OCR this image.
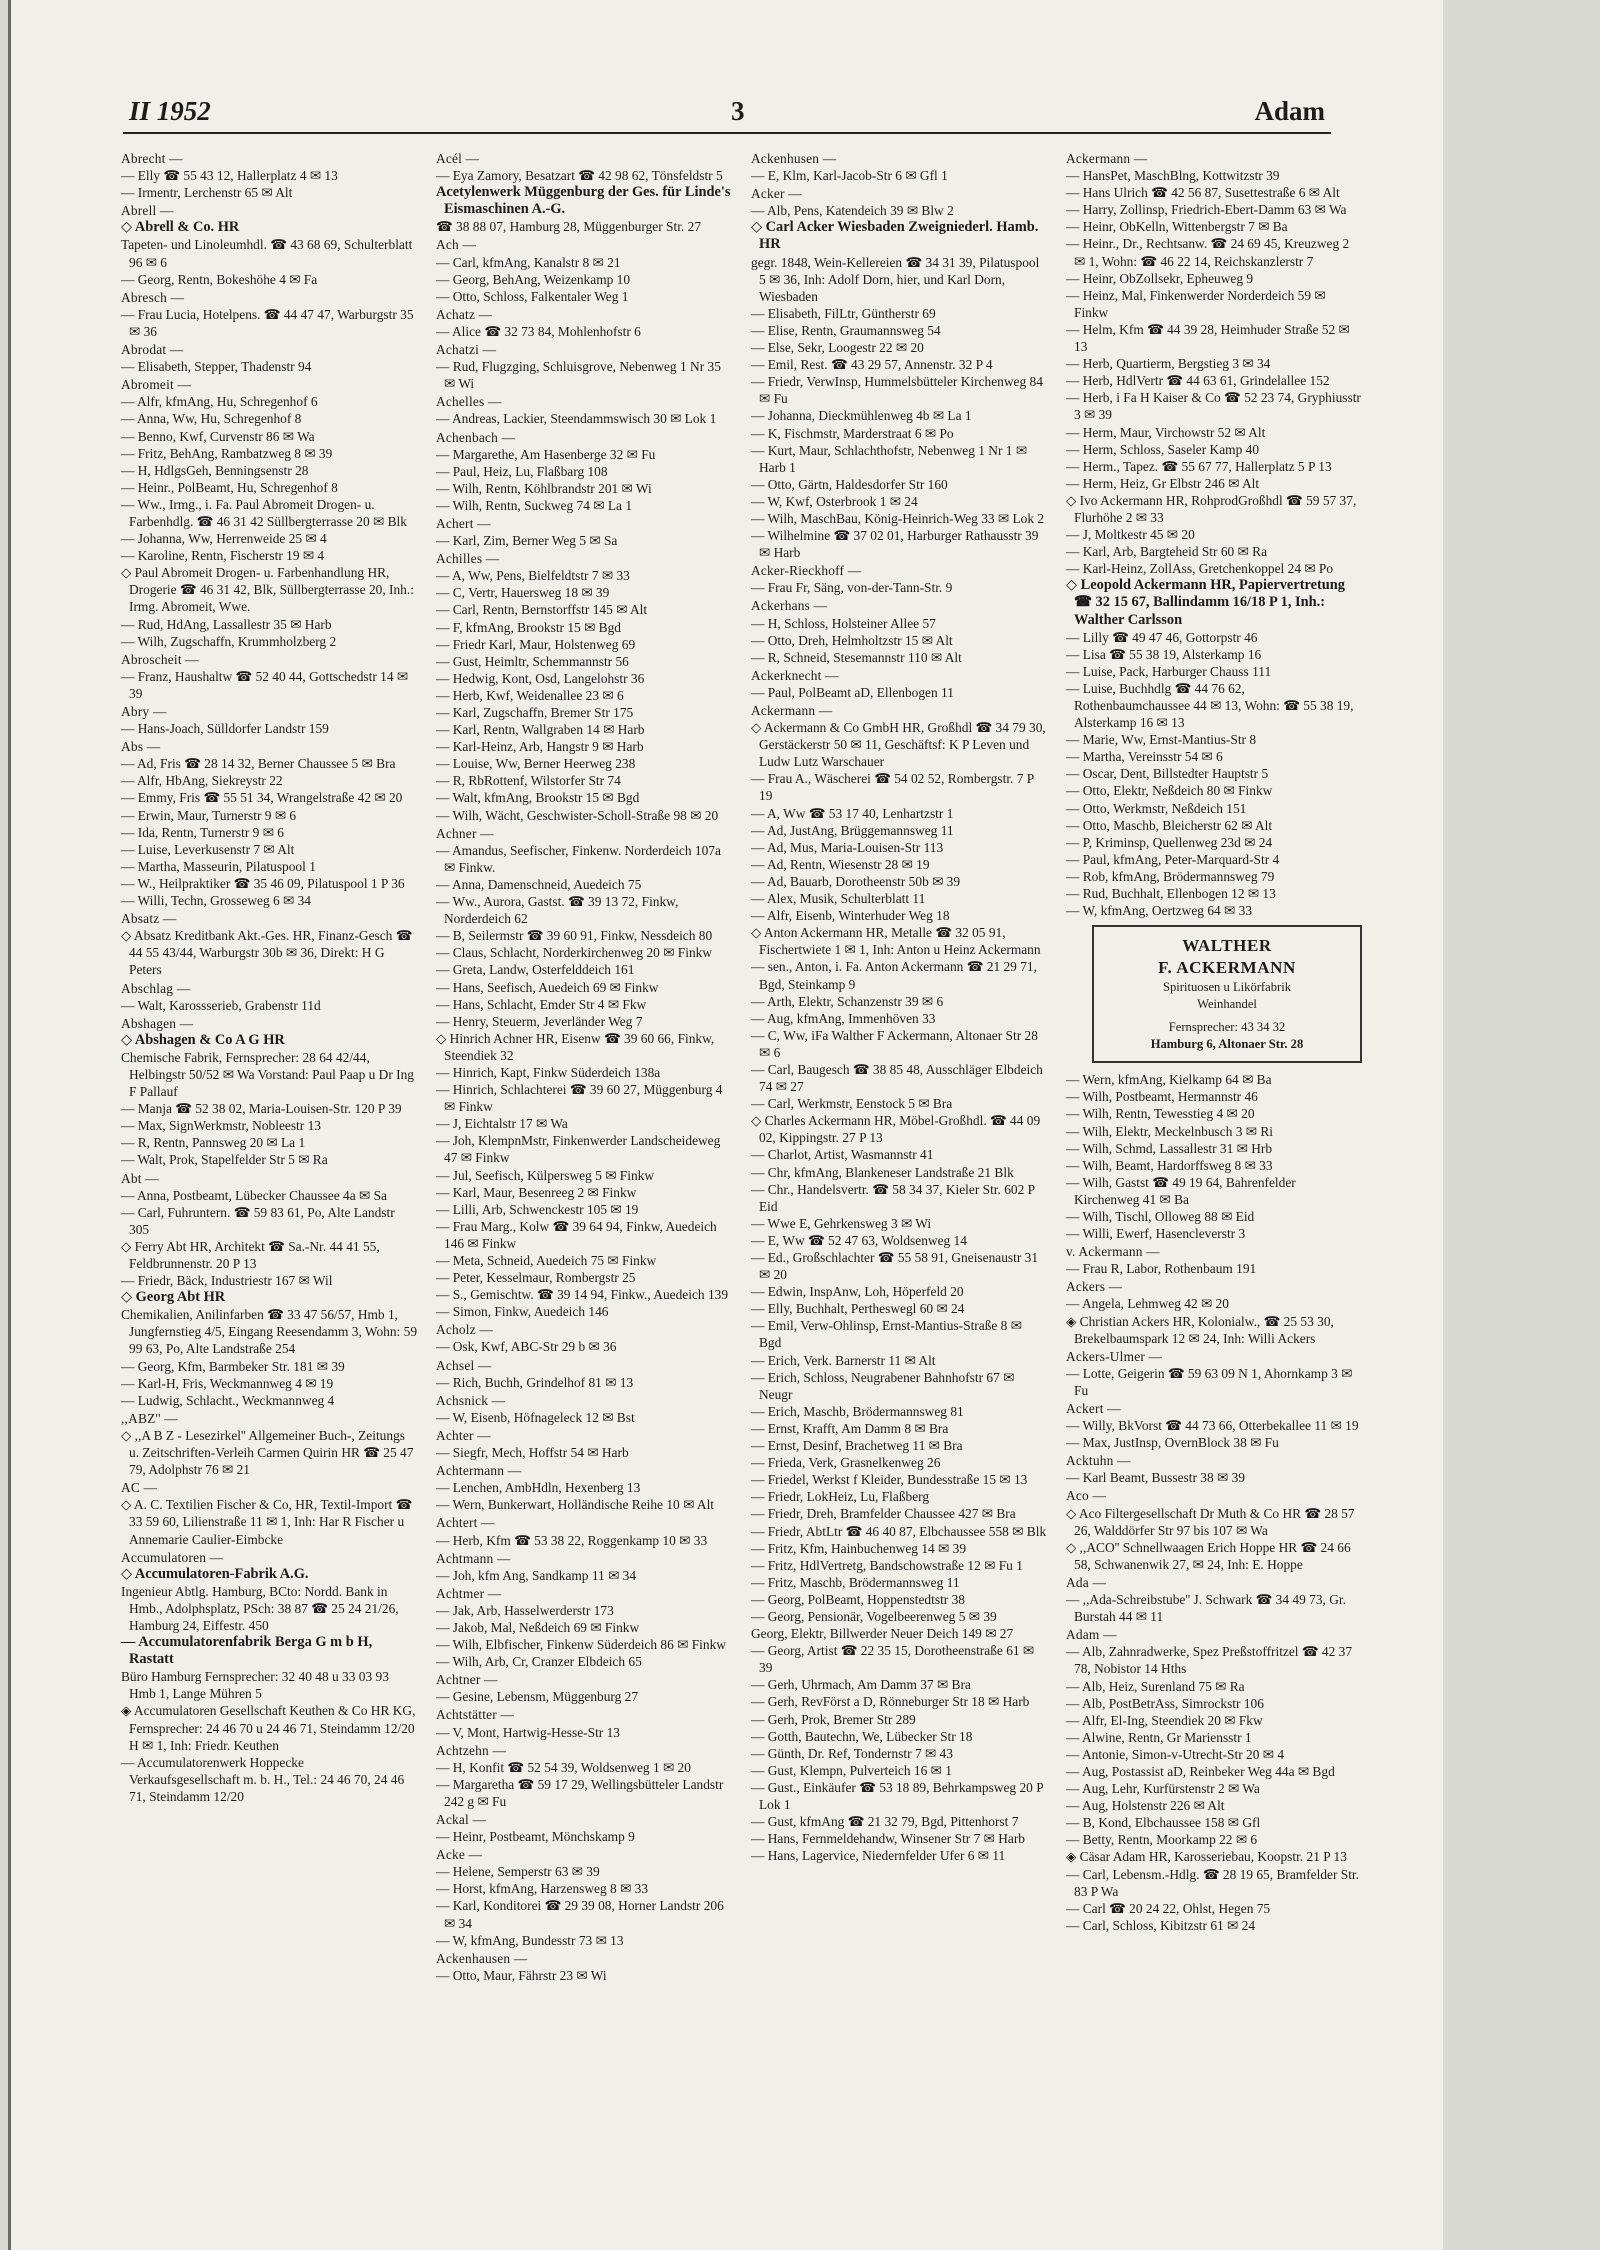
II 1952	3	Adam
Abrecht —
— Elly ☎ 55 43 12, Hallerplatz 4 ✉ 13
— Irmentr, Lerchenstr 65 ✉ Alt
Abrell —
◇ Abrell & Co. HR
Tapeten- und Linoleumhdl. ☎ 43 68 69, Schulterblatt 96 ✉ 6
— Georg, Rentn, Bokeshöhe 4 ✉ Fa
Abresch —
— Frau Lucia, Hotelpens. ☎ 44 47 47, Warburgstr 35 ✉ 36
Abrodat —
— Elisabeth, Stepper, Thadenstr 94
Abromeit —
— Alfr, kfmAng, Hu, Schregenhof 6
— Anna, Ww, Hu, Schregenhof 8
— Benno, Kwf, Curvenstr 86 ✉ Wa
— Fritz, BehAng, Rambatzweg 8 ✉ 39
— H, HdlgsGeh, Benningsenstr 28
— Heinr., PolBeamt, Hu, Schregenhof 8
— Ww., Irmg., i. Fa. Paul Abromeit Drogen- u. Farbenhdlg. ☎ 46 31 42 Süllbergterrasse 20 ✉ Blk
— Johanna, Ww, Herrenweide 25 ✉ 4
— Karoline, Rentn, Fischerstr 19 ✉ 4
◇ Paul Abromeit Drogen- u. Farbenhandlung HR, Drogerie ☎ 46 31 42, Blk, Süllbergterrasse 20, Inh.: Irmg. Abromeit, Wwe.
— Rud, HdAng, Lassallestr 35 ✉ Harb
— Wilh, Zugschaffn, Krummholzberg 2
Abroscheit —
— Franz, Haushaltw ☎ 52 40 44, Gottschedstr 14 ✉ 39
Abry —
— Hans-Joach, Sülldorfer Landstr 159
Abs —
— Ad, Fris ☎ 28 14 32, Berner Chaussee 5 ✉ Bra
— Alfr, HbAng, Siekreystr 22
— Emmy, Fris ☎ 55 51 34, Wrangelstraße 42 ✉ 20
— Erwin, Maur, Turnerstr 9 ✉ 6
— Ida, Rentn, Turnerstr 9 ✉ 6
— Luise, Leverkusenstr 7 ✉ Alt
— Martha, Masseurin, Pilatuspool 1
— W., Heilpraktiker ☎ 35 46 09, Pilatuspool 1 P 36
— Willi, Techn, Grosseweg 6 ✉ 34
Absatz —
◇ Absatz Kreditbank Akt.-Ges. HR, Finanz-Gesch ☎ 44 55 43/44, Warburgstr 30b ✉ 36, Direkt: H G Peters
Abschlag —
— Walt, Karossserieb, Grabenstr 11d
Abshagen —
◇ Abshagen & Co A G HR
Chemische Fabrik, Fernsprecher: 28 64 42/44, Helbingstr 50/52 ✉ Wa Vorstand: Paul Paap u Dr Ing F Pallauf
— Manja ☎ 52 38 02, Maria-Louisen-Str. 120 P 39
— Max, SignWerkmstr, Nobleestr 13
— R, Rentn, Pannsweg 20 ✉ La 1
— Walt, Prok, Stapelfelder Str 5 ✉ Ra
Abt —
— Anna, Postbeamt, Lübecker Chaussee 4a ✉ Sa
— Carl, Fuhruntern. ☎ 59 83 61, Po, Alte Landstr 305
◇ Ferry Abt HR, Architekt ☎ Sa.-Nr. 44 41 55, Feldbrunnenstr. 20 P 13
— Friedr, Bäck, Industriestr 167 ✉ Wil
◇ Georg Abt HR
Chemikalien, Anilinfarben ☎ 33 47 56/57, Hmb 1, Jungfernstieg 4/5, Eingang Reesendamm 3, Wohn: 59 99 63, Po, Alte Landstraße 254
— Georg, Kfm, Barmbeker Str. 181 ✉ 39
— Karl-H, Fris, Weckmannweg 4 ✉ 19
— Ludwig, Schlacht., Weckmannweg 4
,,ABZ'' —
◇ ,,A B Z - Lesezirkel'' Allgemeiner Buch-, Zeitungs u. Zeitschriften-Verleih Carmen Quirin HR ☎ 25 47 79, Adolphstr 76 ✉ 21
AC —
◇ A. C. Textilien Fischer & Co, HR, Textil-Import ☎ 33 59 60, Lilienstraße 11 ✉ 1, Inh: Har R Fischer u Annemarie Caulier-Eimbcke
Accumulatoren —
◇ Accumulatoren-Fabrik A.G.
Ingenieur Abtlg. Hamburg, BCto: Nordd. Bank in Hmb., Adolphsplatz, PSch: 38 87 ☎ 25 24 21/26, Hamburg 24, Eiffestr. 450
— Accumulatorenfabrik Berga G m b H, Rastatt
Büro Hamburg Fernsprecher: 32 40 48 u 33 03 93 Hmb 1, Lange Mühren 5
◈ Accumulatoren Gesellschaft Keuthen & Co HR KG, Fernsprecher: 24 46 70 u 24 46 71, Steindamm 12/20 H ✉ 1, Inh: Friedr. Keuthen
— Accumulatorenwerk Hoppecke Verkaufsgesellschaft m. b. H., Tel.: 24 46 70, 24 46 71, Steindamm 12/20
Acél —
— Eya Zamory, Besatzart ☎ 42 98 62, Tönsfeldstr 5
Acetylenwerk Müggenburg der Ges. für Linde's Eismaschinen A.-G.
☎ 38 88 07, Hamburg 28, Müggenburger Str. 27
Ach —
— Carl, kfmAng, Kanalstr 8 ✉ 21
— Georg, BehAng, Weizenkamp 10
— Otto, Schloss, Falkentaler Weg 1
Achatz —
— Alice ☎ 32 73 84, Mohlenhofstr 6
Achatzi —
— Rud, Flugzging, Schluisgrove, Nebenweg 1 Nr 35 ✉ Wi
Achelles —
— Andreas, Lackier, Steendammswisch 30 ✉ Lok 1
Achenbach —
— Margarethe, Am Hasenberge 32 ✉ Fu
— Paul, Heiz, Lu, Flaßbarg 108
— Wilh, Rentn, Köhlbrandstr 201 ✉ Wi
— Wilh, Rentn, Suckweg 74 ✉ La 1
Achert —
— Karl, Zim, Berner Weg 5 ✉ Sa
Achilles —
— A, Ww, Pens, Bielfeldtstr 7 ✉ 33
— C, Vertr, Hauersweg 18 ✉ 39
— Carl, Rentn, Bernstorffstr 145 ✉ Alt
— F, kfmAng, Brookstr 15 ✉ Bgd
— Friedr Karl, Maur, Holstenweg 69
— Gust, Heimltr, Schemmannstr 56
— Hedwig, Kont, Osd, Langelohstr 36
— Herb, Kwf, Weidenallee 23 ✉ 6
— Karl, Zugschaffn, Bremer Str 175
— Karl, Rentn, Wallgraben 14 ✉ Harb
— Karl-Heinz, Arb, Hangstr 9 ✉ Harb
— Louise, Ww, Berner Heerweg 238
— R, RbRottenf, Wilstorfer Str 74
— Walt, kfmAng, Brookstr 15 ✉ Bgd
— Wilh, Wächt, Geschwister-Scholl-Straße 98 ✉ 20
Achner —
— Amandus, Seefischer, Finkenw. Norderdeich 107a ✉ Finkw.
— Anna, Damenschneid, Auedeich 75
— Ww., Aurora, Gastst. ☎ 39 13 72, Finkw, Norderdeich 62
— B, Seilermstr ☎ 39 60 91, Finkw, Nessdeich 80
— Claus, Schlacht, Norderkirchenweg 20 ✉ Finkw
— Greta, Landw, Osterfelddeich 161
— Hans, Seefisch, Auedeich 69 ✉ Finkw
— Hans, Schlacht, Emder Str 4 ✉ Fkw
— Henry, Steuerm, Jeverländer Weg 7
◇ Hinrich Achner HR, Eisenw ☎ 39 60 66, Finkw, Steendiek 32
— Hinrich, Kapt, Finkw Süderdeich 138a
— Hinrich, Schlachterei ☎ 39 60 27, Müggenburg 4 ✉ Finkw
— J, Eichtalstr 17 ✉ Wa
— Joh, KlempnMstr, Finkenwerder Landscheideweg 47 ✉ Finkw
— Jul, Seefisch, Külpersweg 5 ✉ Finkw
— Karl, Maur, Besenreeg 2 ✉ Finkw
— Lilli, Arb, Schwenckestr 105 ✉ 19
— Frau Marg., Kolw ☎ 39 64 94, Finkw, Auedeich 146 ✉ Finkw
— Meta, Schneid, Auedeich 75 ✉ Finkw
— Peter, Kesselmaur, Rombergstr 25
— S., Gemischtw. ☎ 39 14 94, Finkw., Auedeich 139
— Simon, Finkw, Auedeich 146
Acholz —
— Osk, Kwf, ABC-Str 29 b ✉ 36
Achsel —
— Rich, Buchh, Grindelhof 81 ✉ 13
Achsnick —
— W, Eisenb, Höfnageleck 12 ✉ Bst
Achter —
— Siegfr, Mech, Hoffstr 54 ✉ Harb
Achtermann —
— Lenchen, AmbHdln, Hexenberg 13
— Wern, Bunkerwart, Holländische Reihe 10 ✉ Alt
Achtert —
— Herb, Kfm ☎ 53 38 22, Roggenkamp 10 ✉ 33
Achtmann —
— Joh, kfm Ang, Sandkamp 11 ✉ 34
Achtmer —
— Jak, Arb, Hasselwerderstr 173
— Jakob, Mal, Neßdeich 69 ✉ Finkw
— Wilh, Elbfischer, Finkenw Süderdeich 86 ✉ Finkw
— Wilh, Arb, Cr, Cranzer Elbdeich 65
Achtner —
— Gesine, Lebensm, Müggenburg 27
Achtstätter —
— V, Mont, Hartwig-Hesse-Str 13
Achtzehn —
— H, Konfit ☎ 52 54 39, Woldsenweg 1 ✉ 20
— Margaretha ☎ 59 17 29, Wellingsbütteler Landstr 242 g ✉ Fu
Ackal —
— Heinr, Postbeamt, Mönchskamp 9
Acke —
— Helene, Semperstr 63 ✉ 39
— Horst, kfmAng, Harzensweg 8 ✉ 33
— Karl, Konditorei ☎ 29 39 08, Horner Landstr 206 ✉ 34
— W, kfmAng, Bundesstr 73 ✉ 13
Ackenhausen —
— Otto, Maur, Fährstr 23 ✉ Wi
Ackenhusen —
— E, Klm, Karl-Jacob-Str 6 ✉ Gfl 1
Acker —
— Alb, Pens, Katendeich 39 ✉ Blw 2
◇ Carl Acker Wiesbaden Zweigniederl. Hamb. HR
gegr. 1848, Wein-Kellereien ☎ 34 31 39, Pilatuspool 5 ✉ 36, Inh: Adolf Dorn, hier, und Karl Dorn, Wiesbaden
— Elisabeth, FilLtr, Güntherstr 69
— Elise, Rentn, Graumannsweg 54
— Else, Sekr, Loogestr 22 ✉ 20
— Emil, Rest. ☎ 43 29 57, Annenstr. 32 P 4
— Friedr, VerwInsp, Hummelsbütteler Kirchenweg 84 ✉ Fu
— Johanna, Dieckmühlenweg 4b ✉ La 1
— K, Fischmstr, Marderstraat 6 ✉ Po
— Kurt, Maur, Schlachthofstr, Nebenweg 1 Nr 1 ✉ Harb 1
— Otto, Gärtn, Haldesdorfer Str 160
— W, Kwf, Osterbrook 1 ✉ 24
— Wilh, MaschBau, König-Heinrich-Weg 33 ✉ Lok 2
— Wilhelmine ☎ 37 02 01, Harburger Rathausstr 39 ✉ Harb
Acker-Rieckhoff —
— Frau Fr, Säng, von-der-Tann-Str. 9
Ackerhans —
— H, Schloss, Holsteiner Allee 57
— Otto, Dreh, Helmholtzstr 15 ✉ Alt
— R, Schneid, Stesemannstr 110 ✉ Alt
Ackerknecht —
— Paul, PolBeamt aD, Ellenbogen 11
Ackermann —
◇ Ackermann & Co GmbH HR, Großhdl ☎ 34 79 30, Gerstäckerstr 50 ✉ 11, Geschäftsf: K P Leven und Ludw Lutz Warschauer
— Frau A., Wäscherei ☎ 54 02 52, Rombergstr. 7 P 19
— A, Ww ☎ 53 17 40, Lenhartzstr 1
— Ad, JustAng, Brüggemannsweg 11
— Ad, Mus, Maria-Louisen-Str 113
— Ad, Rentn, Wiesenstr 28 ✉ 19
— Ad, Bauarb, Dorotheenstr 50b ✉ 39
— Alex, Musik, Schulterblatt 11
— Alfr, Eisenb, Winterhuder Weg 18
◇ Anton Ackermann HR, Metalle ☎ 32 05 91, Fischertwiete 1 ✉ 1, Inh: Anton u Heinz Ackermann
— sen., Anton, i. Fa. Anton Ackermann ☎ 21 29 71, Bgd, Steinkamp 9
— Arth, Elektr, Schanzenstr 39 ✉ 6
— Aug, kfmAng, Immenhöven 33
— C, Ww, iFa Walther F Ackermann, Altonaer Str 28 ✉ 6
— Carl, Baugesch ☎ 38 85 48, Ausschläger Elbdeich 74 ✉ 27
— Carl, Werkmstr, Eenstock 5 ✉ Bra
◇ Charles Ackermann HR, Möbel-Großhdl. ☎ 44 09 02, Kippingstr. 27 P 13
— Charlot, Artist, Wasmannstr 41
— Chr, kfmAng, Blankeneser Landstraße 21 Blk
— Chr., Handelsvertr. ☎ 58 34 37, Kieler Str. 602 P Eid
— Wwe E, Gehrkensweg 3 ✉ Wi
— E, Ww ☎ 52 47 63, Woldsenweg 14
— Ed., Großschlachter ☎ 55 58 91, Gneisenaustr 31 ✉ 20
— Edwin, InspAnw, Loh, Höperfeld 20
— Elly, Buchhalt, Pertheswegl 60 ✉ 24
— Emil, Verw-Ohlinsp, Ernst-Mantius-Straße 8 ✉ Bgd
— Erich, Verk. Barnerstr 11 ✉ Alt
— Erich, Schloss, Neugrabener Bahnhofstr 67 ✉ Neugr
— Erich, Maschb, Brödermannsweg 81
— Ernst, Krafft, Am Damm 8 ✉ Bra
— Ernst, Desinf, Brachetweg 11 ✉ Bra
— Frieda, Verk, Grasnelkenweg 26
— Friedel, Werkst f Kleider, Bundesstraße 15 ✉ 13
— Friedr, LokHeiz, Lu, Flaßberg
— Friedr, Dreh, Bramfelder Chaussee 427 ✉ Bra
— Friedr, AbtLtr ☎ 46 40 87, Elbchaussee 558 ✉ Blk
— Fritz, Kfm, Hainbuchenweg 14 ✉ 39
— Fritz, HdlVertretg, Bandschowstraße 12 ✉ Fu 1
— Fritz, Maschb, Brödermannsweg 11
— Georg, PolBeamt, Hoppenstedtstr 38
— Georg, Pensionär, Vogelbeerenweg 5 ✉ 39
Georg, Elektr, Billwerder Neuer Deich 149 ✉ 27
— Georg, Artist ☎ 22 35 15, Dorotheenstraße 61 ✉ 39
— Gerh, Uhrmach, Am Damm 37 ✉ Bra
— Gerh, RevFörst a D, Rönneburger Str 18 ✉ Harb
— Gerh, Prok, Bremer Str 289
— Gotth, Bautechn, We, Lübecker Str 18
— Günth, Dr. Ref, Tondernstr 7 ✉ 43
— Gust, Klempn, Pulverteich 16 ✉ 1
— Gust., Einkäufer ☎ 53 18 89, Behrkampsweg 20 P Lok 1
— Gust, kfmAng ☎ 21 32 79, Bgd, Pittenhorst 7
— Hans, Fernmeldehandw, Winsener Str 7 ✉ Harb
— Hans, Lagervice, Niedernfelder Ufer 6 ✉ 11
Ackermann —
— HansPet, MaschBlng, Kottwitzstr 39
— Hans Ulrich ☎ 42 56 87, Susettestraße 6 ✉ Alt
— Harry, Zollinsp, Friedrich-Ebert-Damm 63 ✉ Wa
— Heinr, ObKelln, Wittenbergstr 7 ✉ Ba
— Heinr., Dr., Rechtsanw. ☎ 24 69 45, Kreuzweg 2 ✉ 1, Wohn: ☎ 46 22 14, Reichskanzlerstr 7
— Heinr, ObZollsekr, Epheuweg 9
— Heinz, Mal, Finkenwerder Norderdeich 59 ✉ Finkw
— Helm, Kfm ☎ 44 39 28, Heimhuder Straße 52 ✉ 13
— Herb, Quartierm, Bergstieg 3 ✉ 34
— Herb, HdlVertr ☎ 44 63 61, Grindelallee 152
— Herb, i Fa H Kaiser & Co ☎ 52 23 74, Gryphiusstr 3 ✉ 39
— Herm, Maur, Virchowstr 52 ✉ Alt
— Herm, Schloss, Saseler Kamp 40
— Herm., Tapez. ☎ 55 67 77, Hallerplatz 5 P 13
— Herm, Heiz, Gr Elbstr 246 ✉ Alt
◇ Ivo Ackermann HR, RohprodGroßhdl ☎ 59 57 37, Flurhöhe 2 ✉ 33
— J, Moltkestr 45 ✉ 20
— Karl, Arb, Bargteheid Str 60 ✉ Ra
— Karl-Heinz, ZollAss, Gretchenkoppel 24 ✉ Po
◇ Leopold Ackermann HR, Papiervertretung ☎ 32 15 67, Ballindamm 16/18 P 1, Inh.: Walther Carlsson
— Lilly ☎ 49 47 46, Gottorpstr 46
— Lisa ☎ 55 38 19, Alsterkamp 16
— Luise, Pack, Harburger Chauss 111
— Luise, Buchhdlg ☎ 44 76 62, Rothenbaumchaussee 44 ✉ 13, Wohn: ☎ 55 38 19, Alsterkamp 16 ✉ 13
— Marie, Ww, Ernst-Mantius-Str 8
— Martha, Vereinsstr 54 ✉ 6
— Oscar, Dent, Billstedter Hauptstr 5
— Otto, Elektr, Neßdeich 80 ✉ Finkw
— Otto, Werkmstr, Neßdeich 151
— Otto, Maschb, Bleicherstr 62 ✉ Alt
— P, Kriminsp, Quellenweg 23d ✉ 24
— Paul, kfmAng, Peter-Marquard-Str 4
— Rob, kfmAng, Brödermannsweg 79
— Rud, Buchhalt, Ellenbogen 12 ✉ 13
— W, kfmAng, Oertzweg 64 ✉ 33
WALTHER
F. ACKERMANN
Spirituosen u Likörfabrik
Weinhandel
Fernsprecher: 43 34 32
Hamburg 6, Altonaer Str. 28
— Wern, kfmAng, Kielkamp 64 ✉ Ba
— Wilh, Postbeamt, Hermannstr 46
— Wilh, Rentn, Tewesstieg 4 ✉ 20
— Wilh, Elektr, Meckelnbusch 3 ✉ Ri
— Wilh, Schmd, Lassallestr 31 ✉ Hrb
— Wilh, Beamt, Hardorffsweg 8 ✉ 33
— Wilh, Gastst ☎ 49 19 64, Bahrenfelder Kirchenweg 41 ✉ Ba
— Wilh, Tischl, Olloweg 88 ✉ Eid
— Willi, Ewerf, Hasencleverstr 3
v. Ackermann —
— Frau R, Labor, Rothenbaum 191
Ackers —
— Angela, Lehmweg 42 ✉ 20
◈ Christian Ackers HR, Kolonialw., ☎ 25 53 30, Brekelbaumspark 12 ✉ 24, Inh: Willi Ackers
Ackers-Ulmer —
— Lotte, Geigerin ☎ 59 63 09 N 1, Ahornkamp 3 ✉ Fu
Ackert —
— Willy, BkVorst ☎ 44 73 66, Otterbekallee 11 ✉ 19
— Max, JustInsp, OvernBlock 38 ✉ Fu
Acktuhn —
— Karl Beamt, Bussestr 38 ✉ 39
Aco —
◇ Aco Filtergesellschaft Dr Muth & Co HR ☎ 28 57 26, Walddörfer Str 97 bis 107 ✉ Wa
◇ ,,ACO'' Schnellwaagen Erich Hoppe HR ☎ 24 66 58, Schwanenwik 27, ✉ 24, Inh: E. Hoppe
Ada —
— ,,Ada-Schreibstube'' J. Schwark ☎ 34 49 73, Gr. Burstah 44 ✉ 11
Adam —
— Alb, Zahnradwerke, Spez Preßstoffritzel ☎ 42 37 78, Nobistor 14 Hths
— Alb, Heiz, Surenland 75 ✉ Ra
— Alb, PostBetrAss, Simrockstr 106
— Alfr, El-Ing, Steendiek 20 ✉ Fkw
— Alwine, Rentn, Gr Mariensstr 1
— Antonie, Simon-v-Utrecht-Str 20 ✉ 4
— Aug, Postassist aD, Reinbeker Weg 44a ✉ Bgd
— Aug, Lehr, Kurfürstenstr 2 ✉ Wa
— Aug, Holstenstr 226 ✉ Alt
— B, Kond, Elbchaussee 158 ✉ Gfl
— Betty, Rentn, Moorkamp 22 ✉ 6
◈ Cäsar Adam HR, Karosseriebau, Koopstr. 21 P 13
— Carl, Lebensm.-Hdlg. ☎ 28 19 65, Bramfelder Str. 83 P Wa
— Carl ☎ 20 24 22, Ohlst, Hegen 75
— Carl, Schloss, Kibitzstr 61 ✉ 24
